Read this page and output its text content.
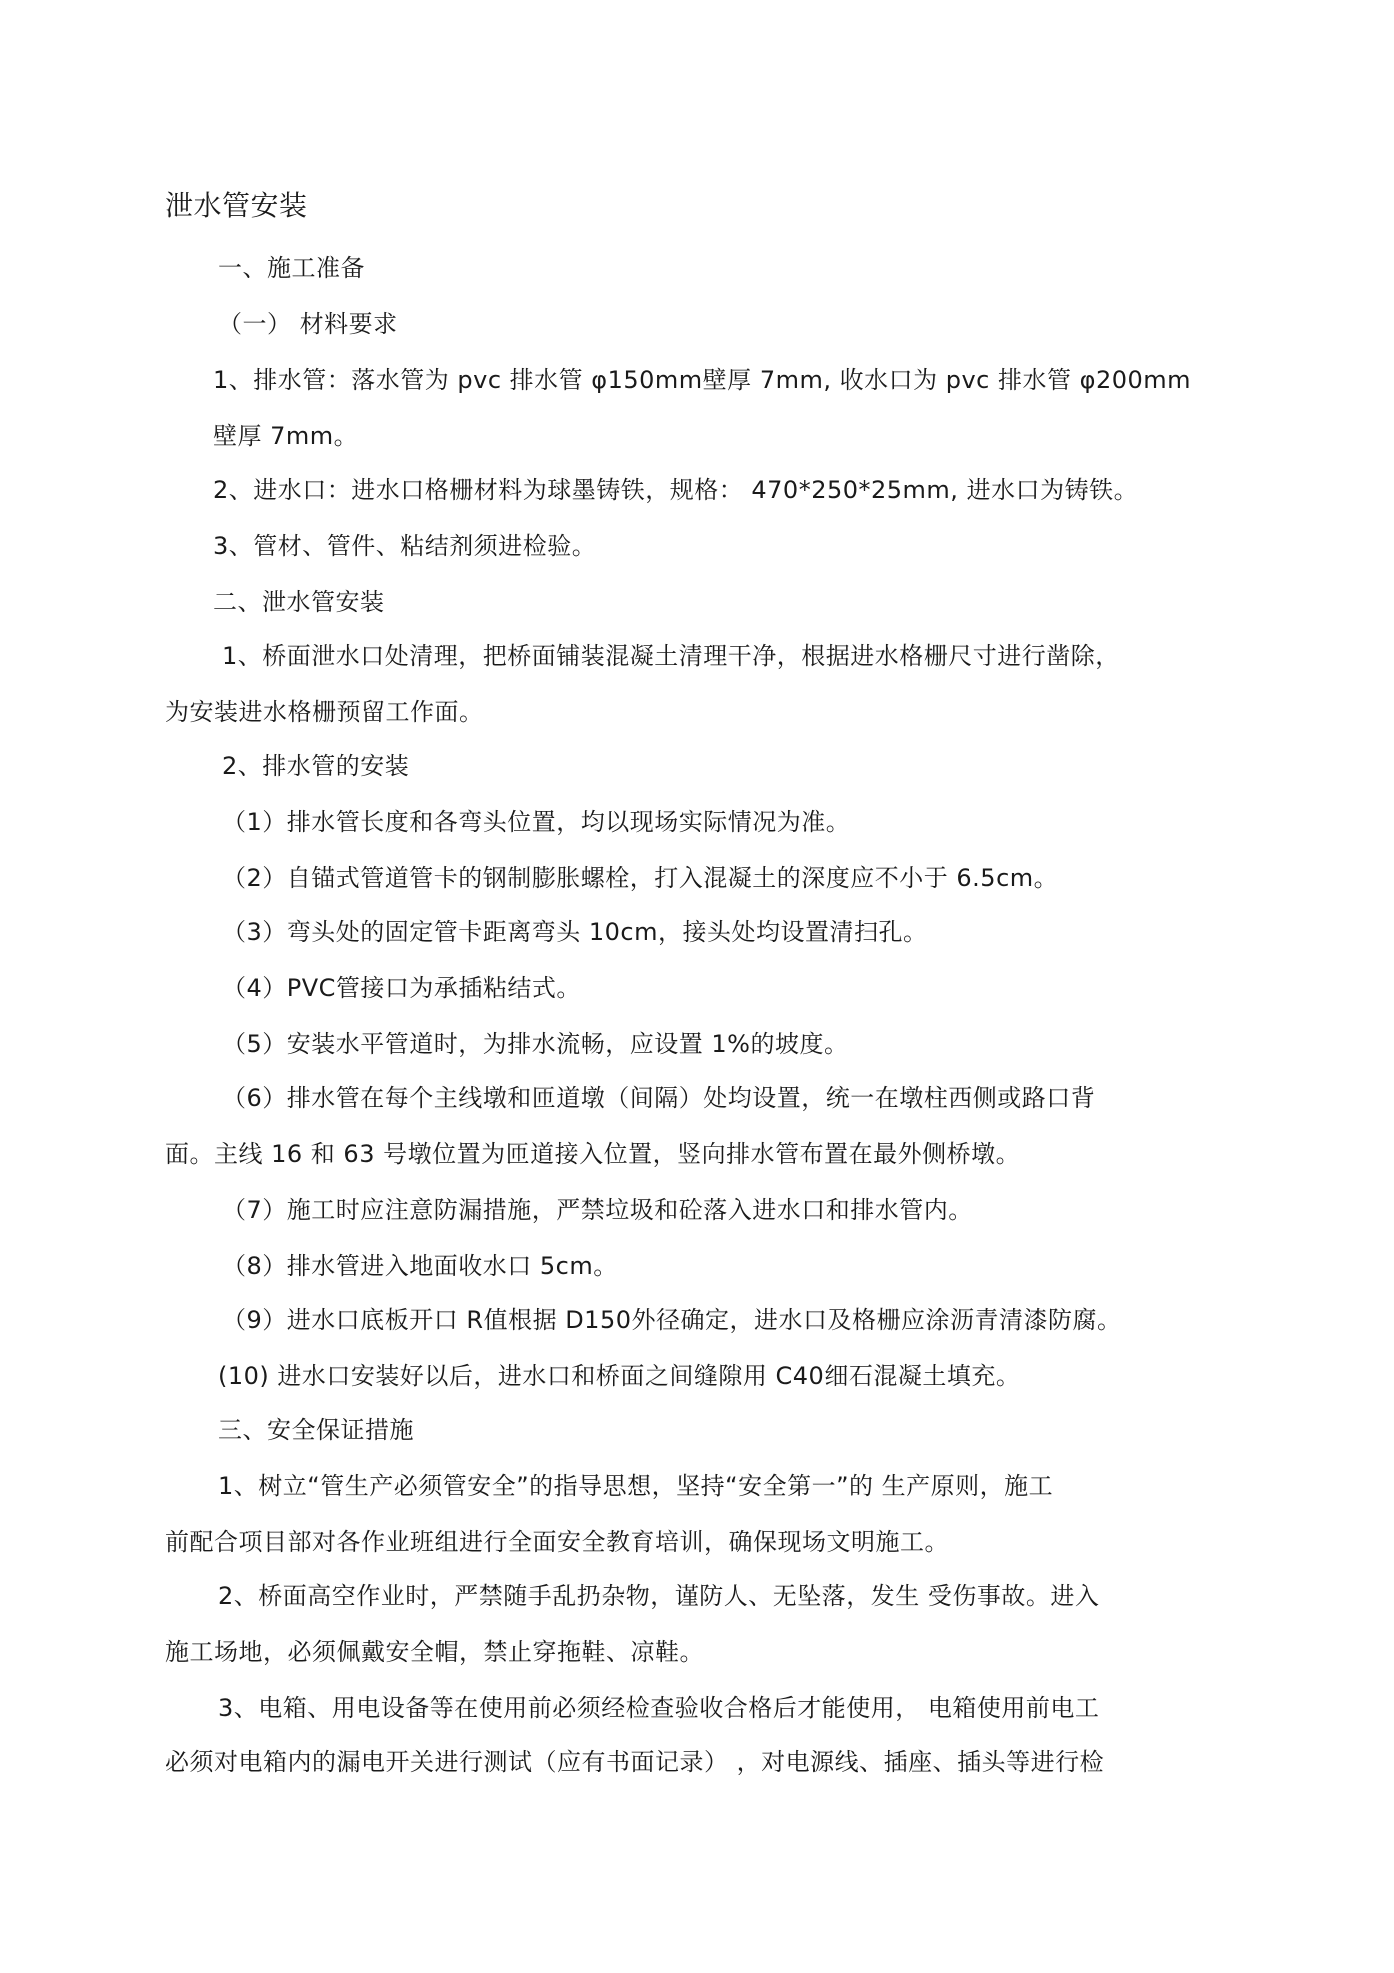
泄水管安装
一、施工准备
（一） 材料要求
1、排水管：落水管为 pvc 排水管 φ150mm壁厚 7mm, 收水口为 pvc 排水管 φ200mm
壁厚 7mm。
2、进水口：进水口格栅材料为球墨铸铁，规格： 470*250*25mm, 进水口为铸铁。
3、管材、管件、粘结剂须进检验。
二、泄水管安装
1、桥面泄水口处清理，把桥面铺装混凝土清理干净，根据进水格栅尺寸进行凿除，
为安装进水格栅预留工作面。
2、排水管的安装
（1）排水管长度和各弯头位置，均以现场实际情况为准。
（2）自锚式管道管卡的钢制膨胀螺栓，打入混凝土的深度应不小于 6.5cm。
（3）弯头处的固定管卡距离弯头 10cm，接头处均设置清扫孔。
（4）PVC管接口为承插粘结式。
（5）安装水平管道时，为排水流畅，应设置 1%的坡度。
（6）排水管在每个主线墩和匝道墩（间隔）处均设置，统一在墩柱西侧或路口背
面。主线 16 和 63 号墩位置为匝道接入位置，竖向排水管布置在最外侧桥墩。
（7）施工时应注意防漏措施，严禁垃圾和砼落入进水口和排水管内。
（8）排水管进入地面收水口 5cm。
（9）进水口底板开口 R值根据 D150外径确定，进水口及格栅应涂沥青清漆防腐。
(10) 进水口安装好以后，进水口和桥面之间缝隙用 C40细石混凝土填充。
三、安全保证措施
1、树立“管生产必须管安全”的指导思想，坚持“安全第一”的 生产原则，施工
前配合项目部对各作业班组进行全面安全教育培训，确保现场文明施工。
2、桥面高空作业时，严禁随手乱扔杂物，谨防人、无坠落，发生 受伤事故。进入
施工场地，必须佩戴安全帽，禁止穿拖鞋、凉鞋。
3、电箱、用电设备等在使用前必须经检查验收合格后才能使用， 电箱使用前电工
必须对电箱内的漏电开关进行测试（应有书面记录） ，对电源线、插座、插头等进行检
